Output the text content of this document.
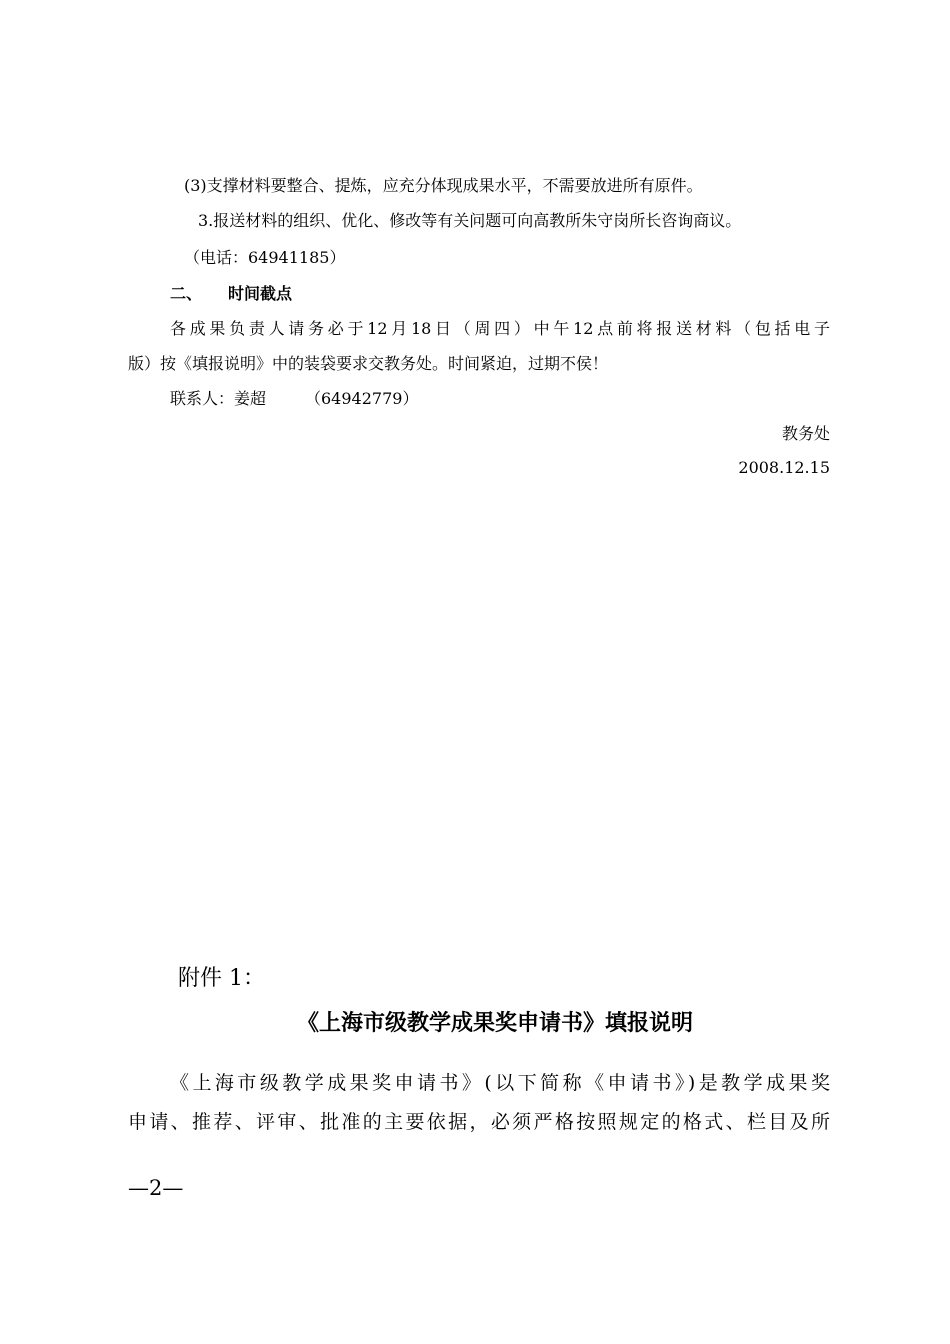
(3)支撑材料要整合、提炼，应充分体现成果水平，不需要放进所有原件。
3.报送材料的组织、优化、修改等有关问题可向高教所朱守岗所长咨询商议。
（电话：64941185）
二、 时间截点
各成果负责人请务必于12月18日（周四）中午12点前将报送材料（包括电子
版）按《填报说明》中的装袋要求交教务处。时间紧迫，过期不侯！
联系人：姜超 （64942779）
教务处
2008.12.15
附件 1：
《上海市级教学成果奖申请书》填报说明
《上海市级教学成果奖申请书》(以下简称《申请书》)是教学成果奖
申请、推荐、评审、批准的主要依据，必须严格按照规定的格式、栏目及所
—2—
